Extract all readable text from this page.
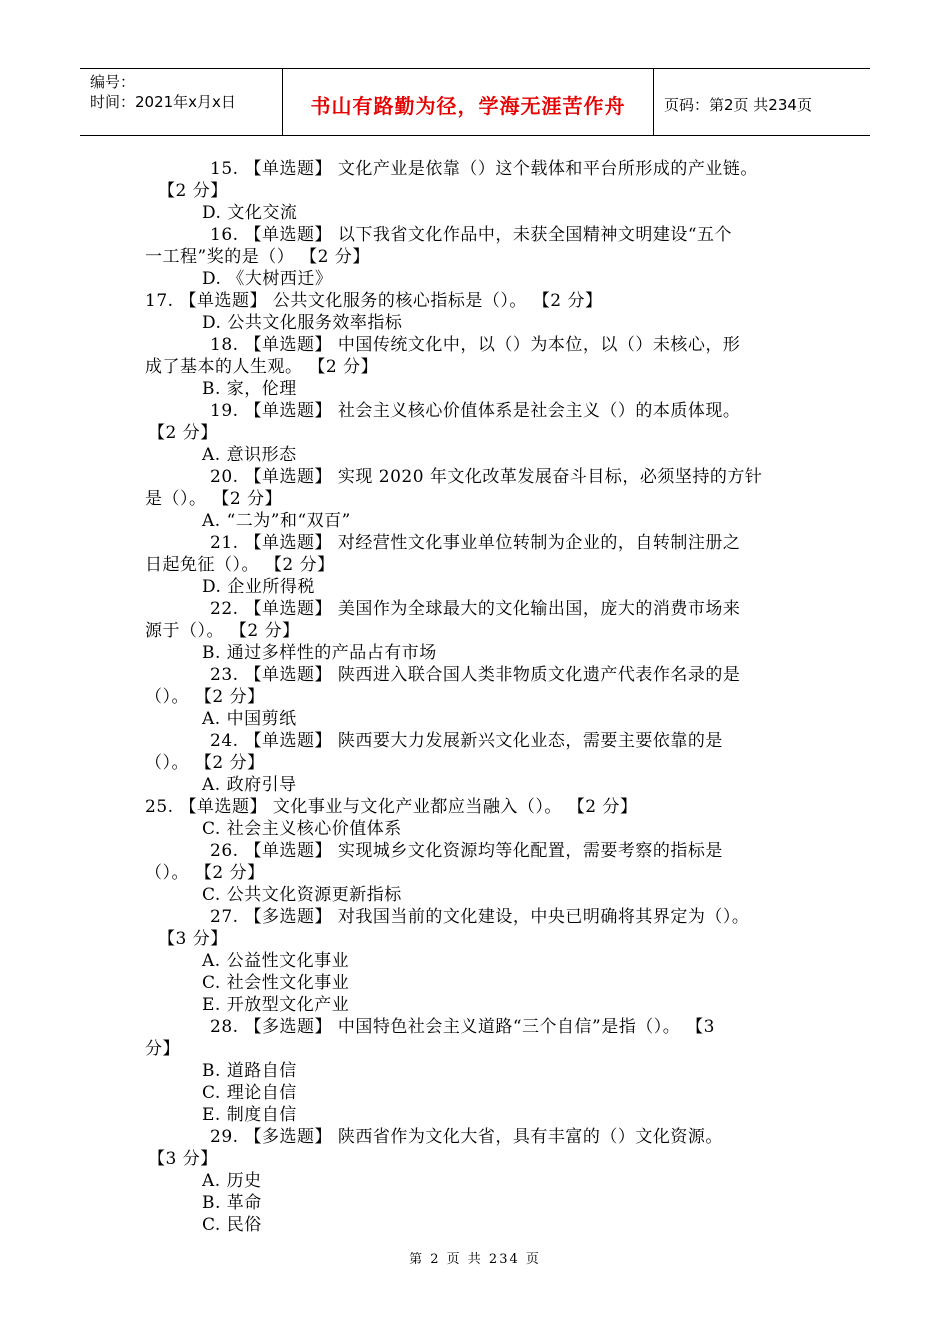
编号：
时间：2021年x月x日	书山有路勤为径，学海无涯苦作舟	页码：第2页 共234页
15. 【单选题】 文化产业是依靠（）这个载体和平台所形成的产业链。
【2 分】
D. 文化交流
16. 【单选题】 以下我省文化作品中，未获全国精神文明建设“五个
一工程”奖的是（） 【2 分】
D. 《大树西迁》
17. 【单选题】 公共文化服务的核心指标是（）。 【2 分】
D. 公共文化服务效率指标
18. 【单选题】 中国传统文化中，以（）为本位，以（）未核心，形
成了基本的人生观。 【2 分】
B. 家，伦理
19. 【单选题】 社会主义核心价值体系是社会主义（）的本质体现。
【2 分】
A. 意识形态
20. 【单选题】 实现 2020 年文化改革发展奋斗目标，必须坚持的方针
是（）。 【2 分】
A. “二为”和“双百”
21. 【单选题】 对经营性文化事业单位转制为企业的，自转制注册之
日起免征（）。 【2 分】
D. 企业所得税
22. 【单选题】 美国作为全球最大的文化输出国，庞大的消费市场来
源于（）。 【2 分】
B. 通过多样性的产品占有市场
23. 【单选题】 陕西进入联合国人类非物质文化遗产代表作名录的是
（）。 【2 分】
A. 中国剪纸
24. 【单选题】 陕西要大力发展新兴文化业态，需要主要依靠的是
（）。 【2 分】
A. 政府引导
25. 【单选题】 文化事业与文化产业都应当融入（）。 【2 分】
C. 社会主义核心价值体系
26. 【单选题】 实现城乡文化资源均等化配置，需要考察的指标是
（）。 【2 分】
C. 公共文化资源更新指标
27. 【多选题】 对我国当前的文化建设，中央已明确将其界定为（）。
【3 分】
A. 公益性文化事业
C. 社会性文化事业
E. 开放型文化产业
28. 【多选题】 中国特色社会主义道路“三个自信”是指（）。 【3
分】
B. 道路自信
C. 理论自信
E. 制度自信
29. 【多选题】 陕西省作为文化大省，具有丰富的（）文化资源。
【3 分】
A. 历史
B. 革命
C. 民俗
第 2 页 共 234 页
